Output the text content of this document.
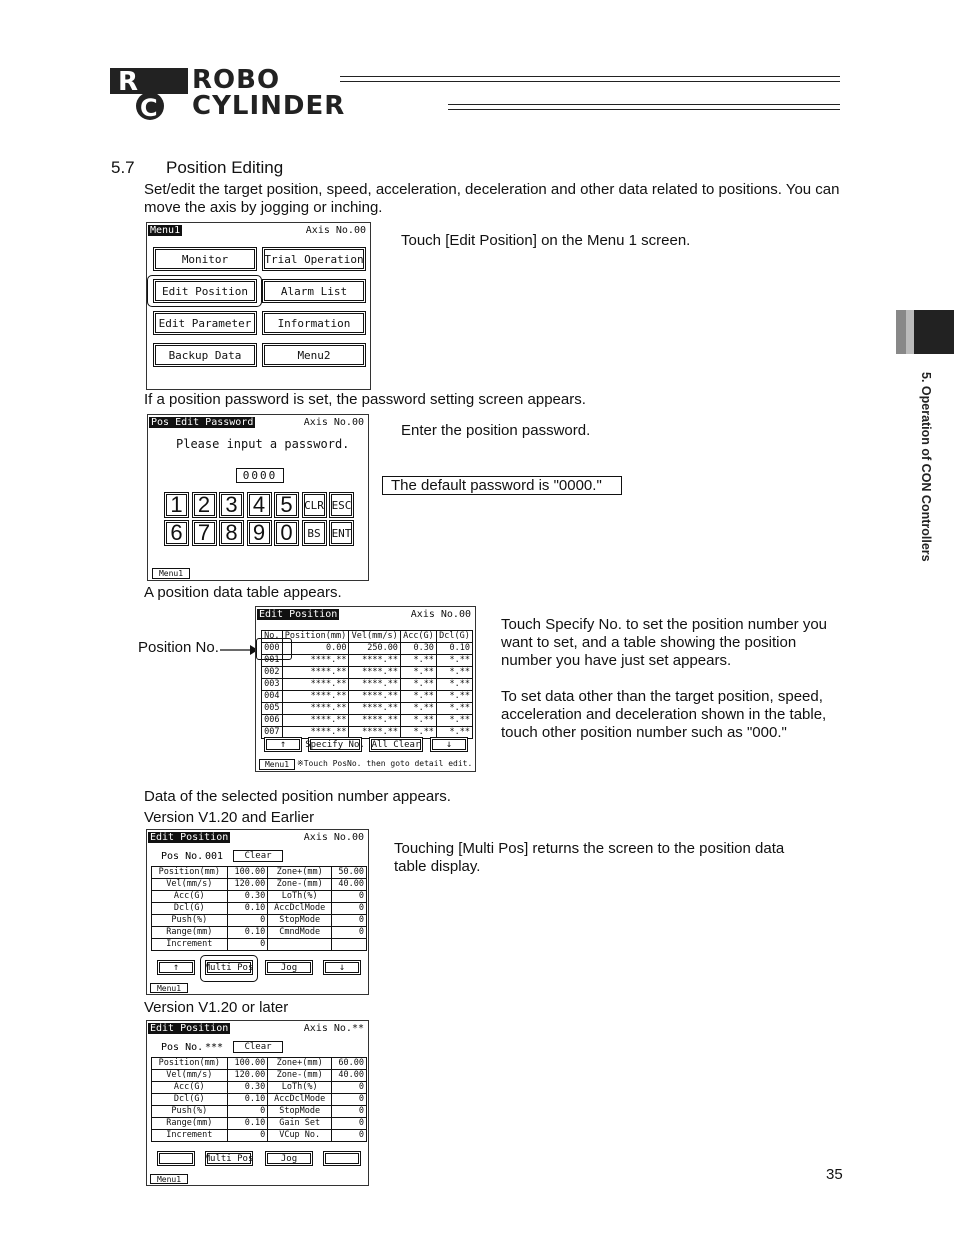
R
C
ROBO
CYLINDER
5. Operation of CON Controllers
5.7 Position Editing
Set/edit the target position, speed, acceleration, deceleration and other data related to positions. You can move the axis by jogging or inching.
Menu1	Axis No.00
Monitor	Trial Operation
Edit Position	Alarm List
Edit Parameter	Information
Backup Data	Menu2
Touch [Edit Position] on the Menu 1 screen.
If a position password is set, the password setting screen appears.
Pos Edit Password	Axis No.00
Please input a password.
0000
1 2 3 4 5	CLR ESC
6 7 8 9 0	BS ENT
Menu1
Enter the position password.
The default password is "0000."
A position data table appears.
Position No.
Edit Position	Axis No.00
No.	Position(mm)	Vel(mm/s)	Acc(G)	Dcl(G)
000	0.00	250.00	0.30	0.10
001	****.**	****.**	*.**	*.**
002	****.**	****.**	*.**	*.**
003	****.**	****.**	*.**	*.**
004	****.**	****.**	*.**	*.**
005	****.**	****.**	*.**	*.**
006	****.**	****.**	*.**	*.**
007	****.**	****.**	*.**	*.**
↑	Specify No. All Clear	↓
Menu1 ※Touch PosNo. then goto detail edit.
Touch Specify No. to set the position number you want to set, and a table showing the position number you have just set appears.
To set data other than the target position, speed, acceleration and deceleration shown in the table, touch other position number such as "000."
Data of the selected position number appears.
Version V1.20 and Earlier
Edit Position	Axis No.00
Pos No. 001	Clear
Position(mm)	100.00	Zone+(mm)	50.00
Vel(mm/s)	120.00	Zone-(mm)	40.00
Acc(G)	0.30	LoTh(%)	0
Dcl(G)	0.10	AccDclMode	0
Push(%)	0	StopMode	0
Range(mm)	0.10	CmndMode	0
Increment	0		
↑	Multi Pos	Jog	↓
Menu1
Touching [Multi Pos] returns the screen to the position data table display.
Version V1.20 or later
Edit Position	Axis No.**
Pos No. ***	Clear
Position(mm)	100.00	Zone+(mm)	60.00
Vel(mm/s)	120.00	Zone-(mm)	40.00
Acc(G)	0.30	LoTh(%)	0
Dcl(G)	0.10	AccDclMode	0
Push(%)	0	StopMode	0
Range(mm)	0.10	Gain Set	0
Increment	0	VCup No.	0
Multi Pos	Jog
Menu1	35
